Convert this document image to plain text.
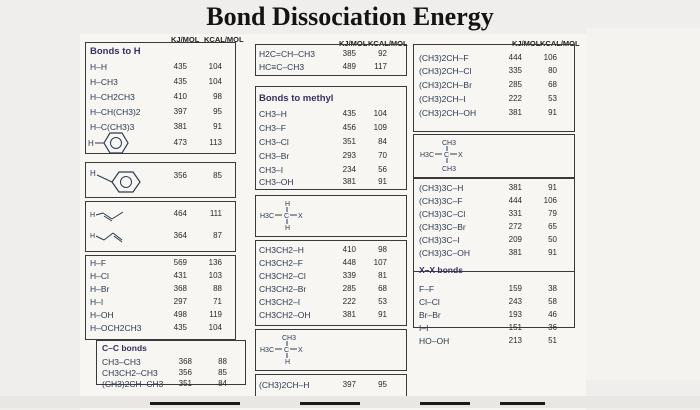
Bond Dissociation Energy
KJ/MOL KCAL/MOL	KJ/MOL KCAL/MOL	KJ/MOL KCAL/MOL
Bonds to H
H–H	435	104
H–CH3	435	104
H–CH2CH3	410	98
H–CH(CH3)2	397	95
H–C(CH3)3	381	91
H	473	113
H	356	85
H	464	111
H	364	87
H–F	569	136
H–Cl	431	103
H–Br	368	88
H–I	297	71
H–OH	498	119
H–OCH2CH3	435	104
C–C bonds
CH3–CH3	368	88
CH3CH2–CH3	356	85
(CH3)2CH–CH3	351	84
H2C=CH–CH3	385	92
HC≡C–CH3	489	117
Bonds to methyl
CH3–H	435	104
CH3–F	456	109
CH3–Cl	351	84
CH3–Br	293	70
CH3–I	234	56
CH3–OH	381	91
H
H3C C X
H
CH3CH2–H	410	98
CH3CH2–F	448	107
CH3CH2–Cl	339	81
CH3CH2–Br	285	68
CH3CH2–I	222	53
CH3CH2–OH	381	91
CH3
H3C C X
H
(CH3)2CH–H	397	95
(CH3)2CH–F	444	106
(CH3)2CH–Cl	335	80
(CH3)2CH–Br	285	68
(CH3)2CH–I	222	53
(CH3)2CH–OH	381	91
CH3
H3C C X
CH3
(CH3)3C–H	381	91
(CH3)3C–F	444	106
(CH3)3C–Cl	331	79
(CH3)3C–Br	272	65
(CH3)3C–I	209	50
(CH3)3C–OH	381	91
X–X bonds
F–F	159	38
Cl–Cl	243	58
Br–Br	193	46
I–I	151	36
HO–OH	213	51
